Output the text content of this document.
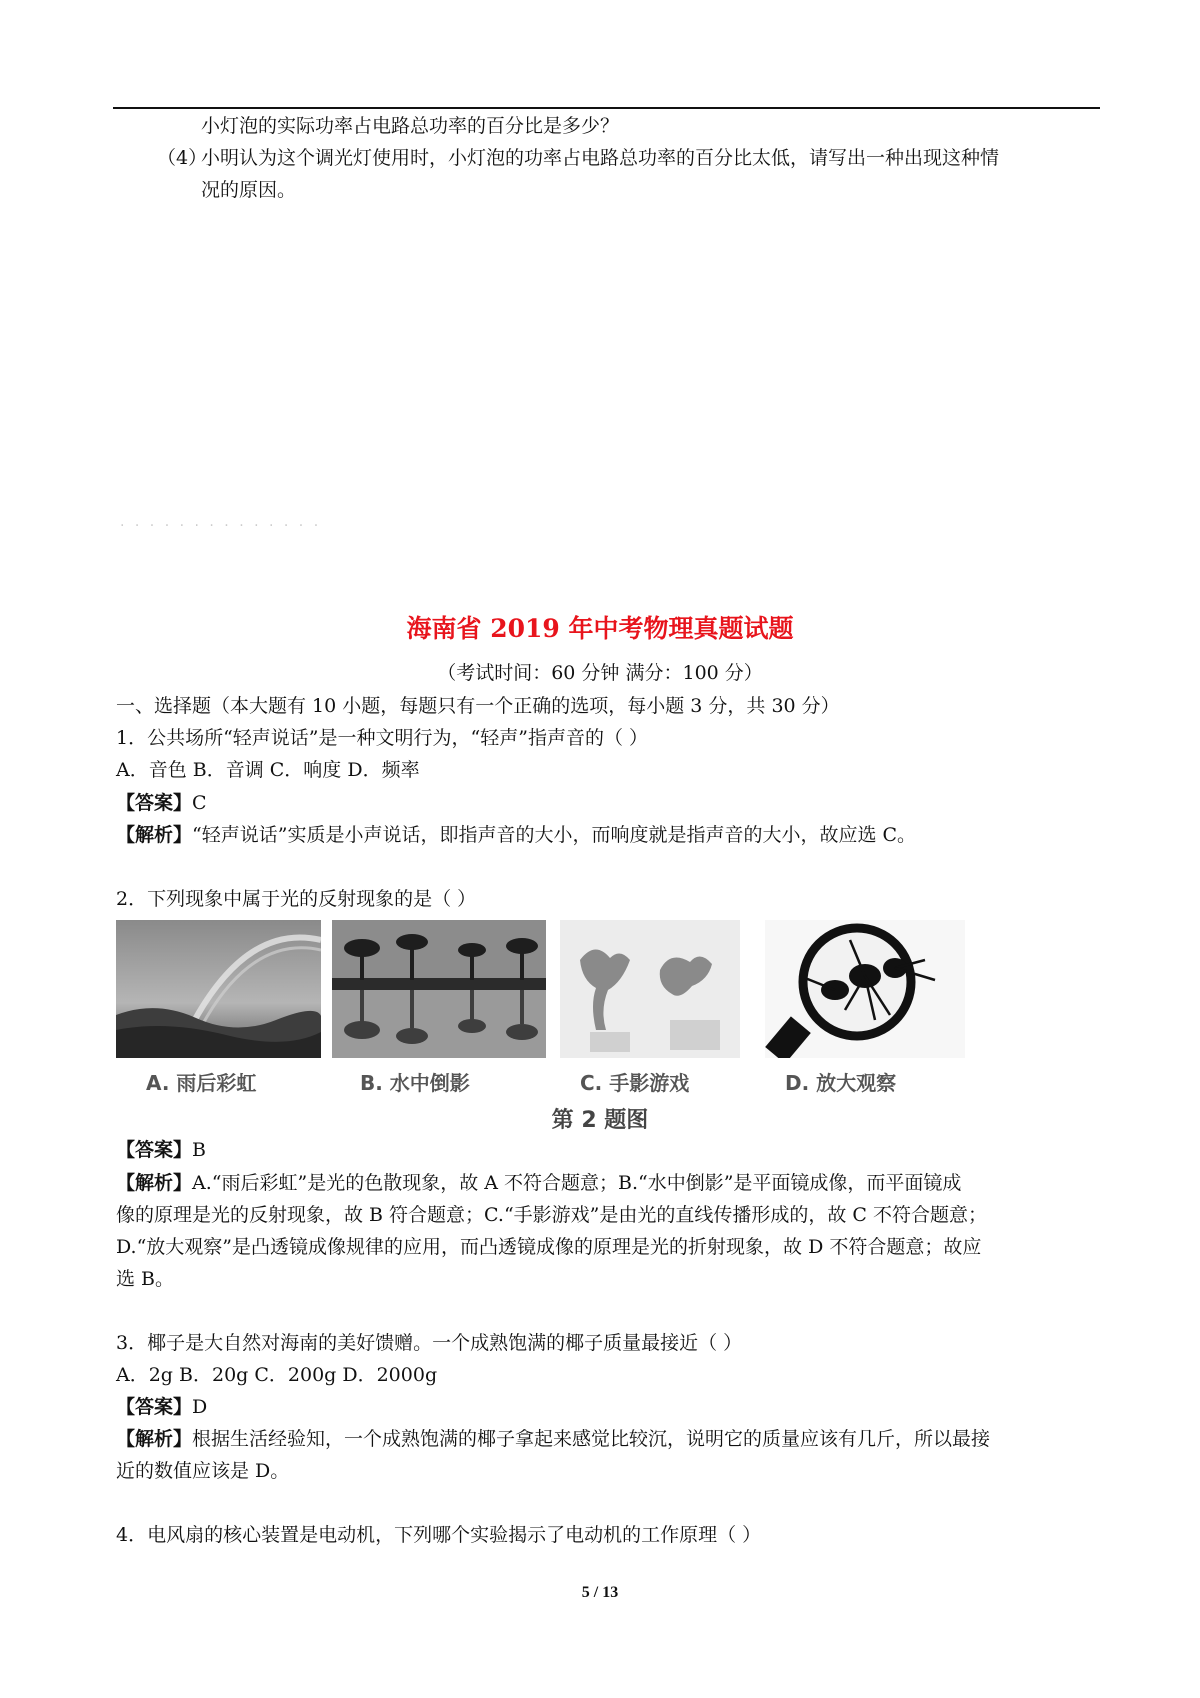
小灯泡的实际功率占电路总功率的百分比是多少？
（4）
小明认为这个调光灯使用时，小灯泡的功率占电路总功率的百分比太低，请写出一种出现这种情
况的原因。
· · · · · · · · · · · · · ·
海南省 2019 年中考物理真题试题
（考试时间：60 分钟 满分：100 分）
一、选择题（本大题有 10 小题，每题只有一个正确的选项，每小题 3 分，共 30 分）
1．公共场所“轻声说话”是一种文明行为，“轻声”指声音的（ ）
A．音色 B．音调 C．响度 D．频率
【答案】C
【解析】“轻声说话”实质是小声说话，即指声音的大小，而响度就是指声音的大小，故应选 C。
2．下列现象中属于光的反射现象的是（ ）
A. 雨后彩虹	B. 水中倒影	C. 手影游戏	D. 放大观察
第 2 题图
【答案】B
【解析】A.“雨后彩虹”是光的色散现象，故 A 不符合题意；B.“水中倒影”是平面镜成像，而平面镜成
像的原理是光的反射现象，故 B 符合题意；C.“手影游戏”是由光的直线传播形成的，故 C 不符合题意；
D.“放大观察”是凸透镜成像规律的应用，而凸透镜成像的原理是光的折射现象，故 D 不符合题意；故应
选 B。
3．椰子是大自然对海南的美好馈赠。一个成熟饱满的椰子质量最接近（ ）
A．2g B．20g C．200g D．2000g
【答案】D
【解析】根据生活经验知，一个成熟饱满的椰子拿起来感觉比较沉，说明它的质量应该有几斤，所以最接
近的数值应该是 D。
4．电风扇的核心装置是电动机，下列哪个实验揭示了电动机的工作原理（ ）
5 / 13
